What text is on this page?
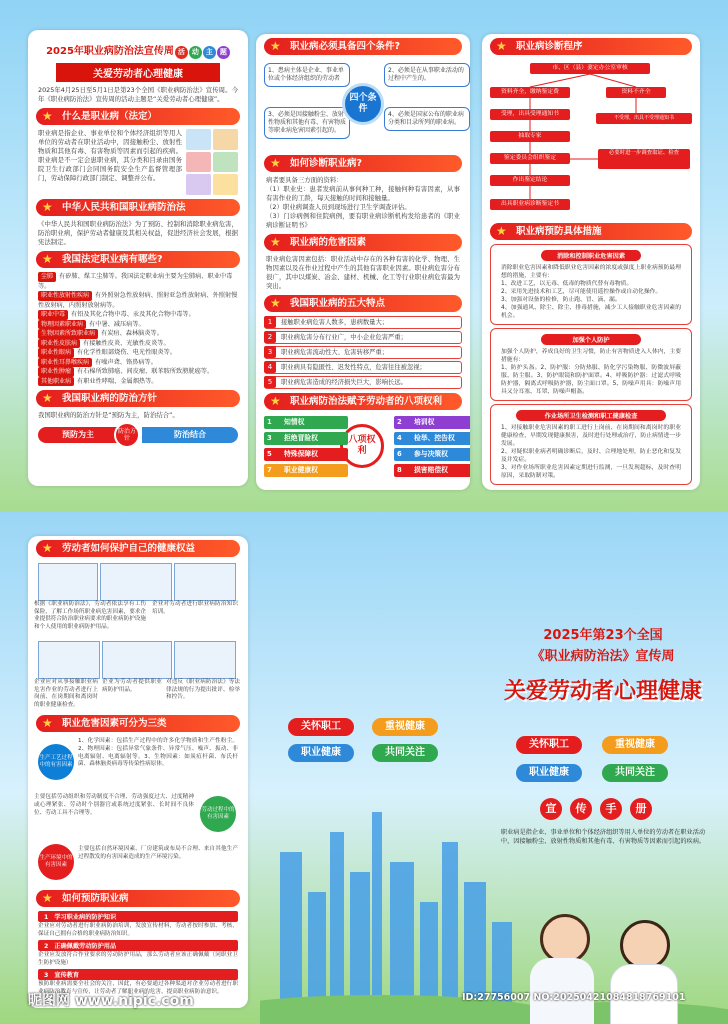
2025年职业病防治法宣传周 活 动 主 题
关爱劳动者心理健康
2025年4月25日至5月1日是第23个全国《职业病防治法》宣传周。今年《职业病防治法》宣传周的活动主题是“关爱劳动者心理健康”。
★ 什么是职业病（法定）
职业病是指企业、事业单位和个体经济组织等用人单位的劳动者在职业活动中，因接触粉尘、放射性物质和其他有毒、有害物质等因素而引起的疾病。职业病是不一定会患职业病，其分类和目录由国务院卫生行政部门会同国务院安全生产监督管理部门，劳动保障行政部门制定、调整并公布。
★ 中华人民共和国职业病防治法
《中华人民共和国职业病防治法》为了预防、控制和消除职业病危害，防治职业病，保护劳动者健康及其相关权益，促进经济社会发展，根据宪法制定。
★ 我国法定职业病有哪些?
尘肺 有矽肺、煤工尘肺等。我国法定职业病主要为尘肺病、职业中毒等。
职业性放射性疾病 有外照射急性放射病、照射亚急性放射病、外照射慢性放射病，内照射放射病等。
职业中毒 有铅及其化合物中毒、汞及其化合物中毒等。
物理因素职业病 有中暑、减压病等。
生物因素所致职业病 有炭疽、森林脑炎等。
职业性皮肤病 有接触性皮炎、光敏性皮炎等。
职业性眼病 有化学性眼部烧伤、电光性眼炎等。
职业性耳鼻喉疾病 有噪声聋、铬鼻病等。
职业性肿瘤 有石棉所致肺癌、间皮瘤、联苯胺所致膀胱癌等。
其他职业病 有职业性哮喘、金属烟热等。
★ 我国职业病的防治方针
我国职业病的防治方针是“预防为主，防治结合”。
预防为主	防治方针	防治结合
★ 职业病必须具备四个条件?
1、患病主体是企业、事业单位或个体经济组织的劳动者
2、必须是在从事职业活动的过程中产生的。
3、必须是因接触粉尘、放射性物质和其他有毒、有害物质等职业病危害因素引起的。
4、必须是国家公布的职业病分类和目录所列的职业病。
四个条件
★ 如何诊断职业病?
病者要具备三方面的资料：
（1）职业史：患者发病前从事何种工种，接触何种有害因素，从事有害作业的工龄，每天接触的时间和接触量。
（2）职业病调查人员到现场进行卫生学调查评估。
（3）门诊病例和住院病例，要有职业病诊断机构发给患者的《职业病诊断证明书》
★ 职业病的危害因素
职业病危害因素包括：职业活动中存在的各种有害的化学、物理、生物因素以及在作业过程中产生的其他有害职业因素。职业病危害分布很广，其中以煤炭、冶金、建材、机械、化工等行业职业病危害最为突出。
★ 我国职业病的五大特点
1	接触职业病危害人数多，患病数量大；
2	职业病危害分布行业广，中小企业危害严重；
3	职业病危害流动性大、危害转移严重；
4	职业病具有隐匿性、迟发性特点，危害往往被忽视；
5	职业病危害造成的经济损失巨大，影响长远。
★ 职业病防治法赋予劳动者的八项权利
八项权利
1 知情权	2 培训权
3 拒绝冒险权	4 检举、控告权
5 特殊保障权	6 参与决策权
7 职业健康权	8 损害赔偿权
★ 职业病诊断程序
市、区（县）妻定办公室审核
资料齐全，缴纳鉴定费	资料不齐全
受理，出具受理通知书
不受理，出具不受理通知书
抽取专家
鉴定委员会组织鉴定
必要时进一步调查取证、检查
作出鉴定结论
出具职业病诊断鉴定书
★ 职业病预防具体措施
消除和控制职业危害因素
消除职业危害因素和降低职业危害因素的浓度或强度上职业病预防最理想的措施，主要有：
1、改进工艺，以无毒、低毒的物质代替有毒物质。
2、采用先进技术和工艺，尽可能使用遥控操作或自动化操作。
3、加强对设备的检修，防止跑、冒、滴、漏。
4、加强通风、除尘、除尘、排毒措施，减少工人接触职业危害因素的机会。
加强个人防护
加强个人防护，养成良好的卫生习惯，防止有害物质进入人体内，主要措施有：
1、防护头盔。2、防护服：分防热服、防化学污染物服、防微波屏蔽服、防尘服。3、防护眼镜和防护面罩。4、呼吸防护器：过滤式呼吸防护器，隔离式呼吸防护器，防尘面口罩。5、防噪声用具：防噪声用具又分耳塞、耳罩、防噪声帽盔。
作业场所卫生检测和职工健康检查
1、对接触职业危害因素的职工进行上岗前、在岗期间和离岗时的职业健康检查，早期发现健康损害，及时进行处理或治疗，防止病情进一步发展。
2、对疑似职业病者明确诊断后，及时、合理地处理，防止恶化和复发及并发症。
3、对作业场所职业危害因素定期进行监测，一旦发现超标，及时查明原因，采取防制对策。
★ 劳动者如何保护自己的健康权益
根据《职业病防治法》，劳动者依法享有工伤保险，了解工作场所职业病危害因素，要求企业提供符合防治职业病要求的职业病防护设施和个人使用的职业病防护用品。
企业对劳动者进行职业病防治知识培训。
企业应对从事接触职业病危害作业的劳动者进行上岗前、在岗期间和离岗时的职业健康检查。
企业为劳动者提供职业病防护用品。
对违反《职业病防治法》等法律法规的行为提出批评、检举和控告。
★ 职业危害因素可分为三类
生产工艺过程中的有害因素
1、化学因素：包括生产过程中的许多化学物质和生产性粉尘。2、物理因素：包括异常气象条件、异常气压、噪声、振动、非电离辐射、电离辐射等。3、生物因素：如炭疽杆菌、布氏杆菌、森林脑炎病毒等传染性病原体。
主要包括劳动组织和劳动制度不合理、劳动强度过大、过度精神或心理紧张、劳动时个别器官或系统过度紧张、长时间不良体位、劳动工具不合理等。	劳动过程中的有害因素
生产环境中的有害因素
主要包括自然环境因素、厂房建筑或布局不合理、来自其他生产过程散发的有害因素造成的生产环境污染。
★ 如何预防职业病
1 学习职业病的防护知识
企业应对劳动者进行职业病防治培训，发放宣传材料，劳动者按时参加、考核，保证自己拥有合格的职业病防治知识。
2 正确佩戴劳动防护用品
企业应发放符合作业要求的劳动防护用品，那么劳动者应该正确佩戴（同职业卫生防护设施）
3 宣传教育
预防职业病需要全社会的关注，因此，有必要通过各种渠道对企业劳动者进行职业病防治教育与宣传，让劳动者了解职业病的危害，提高职业病防治意识。
关怀职工	重视健康
职业健康	共同关注
2025年第23个全国
《职业病防治法》宣传周
关爱劳动者心理健康
关怀职工	重视健康
职业健康	共同关注
宣	传	手	册
职业病是指企业、事业单位和个体经济组织等用人单位的劳动者在职业活动中，因接触粉尘、放射性物质和其他有毒、有害物质等因素而引起的疾病。
昵图网 www.nipic.com	ID:27756007 NO:20250421084818769101
